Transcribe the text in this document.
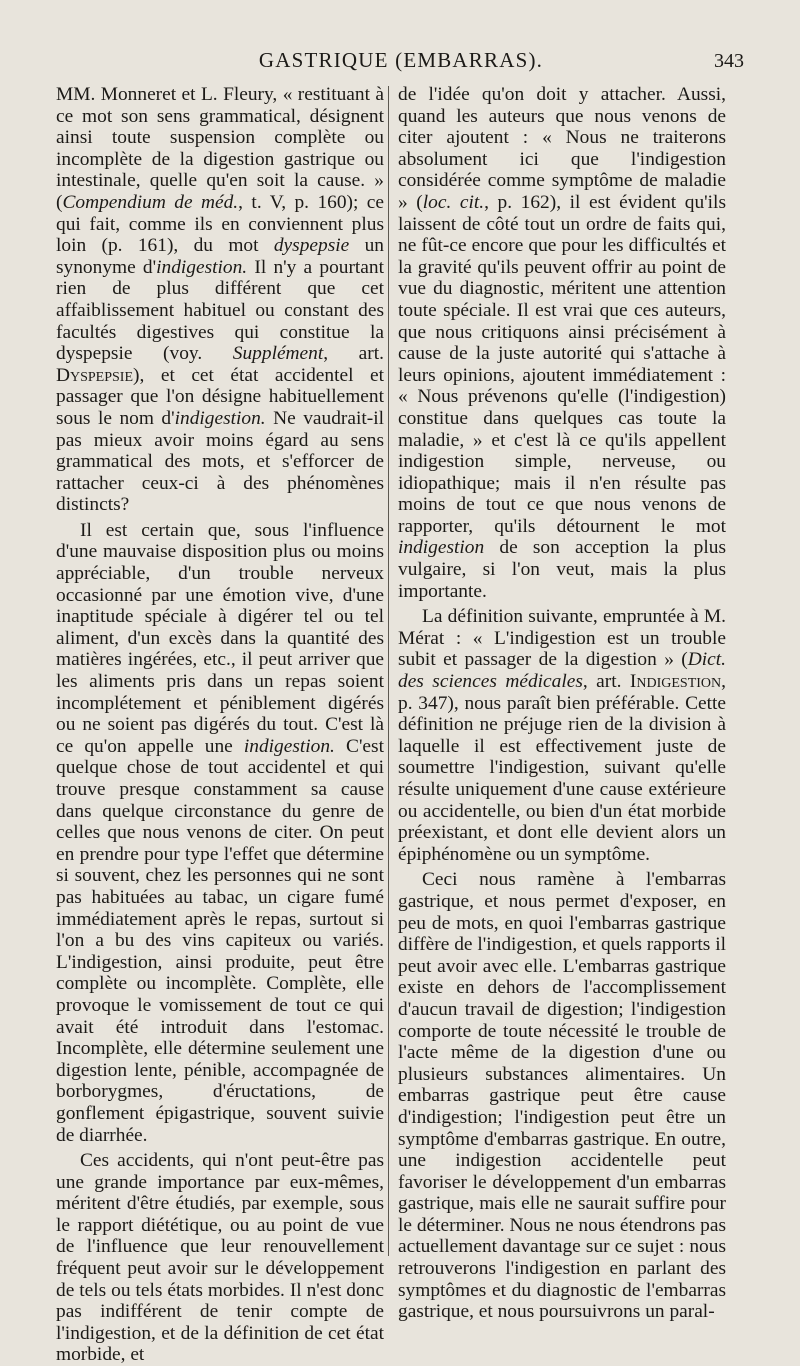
GASTRIQUE (EMBARRAS).	343

MM. Monneret et L. Fleury, « restituant à ce mot son sens grammatical, désignent ainsi toute suspension complète ou incomplète de la digestion gastrique ou intestinale, quelle qu'en soit la cause. » (Compendium de méd., t. V, p. 160); ce qui fait, comme ils en conviennent plus loin (p. 161), du mot dyspepsie un synonyme d'indigestion. Il n'y a pourtant rien de plus différent que cet affaiblissement habituel ou constant des facultés digestives qui constitue la dyspepsie (voy. Supplément, art. Dyspepsie), et cet état accidentel et passager que l'on désigne habituellement sous le nom d'indigestion. Ne vaudrait-il pas mieux avoir moins égard au sens grammatical des mots, et s'efforcer de rattacher ceux-ci à des phénomènes distincts?

Il est certain que, sous l'influence d'une mauvaise disposition plus ou moins appréciable, d'un trouble nerveux occasionné par une émotion vive, d'une inaptitude spéciale à digérer tel ou tel aliment, d'un excès dans la quantité des matières ingérées, etc., il peut arriver que les aliments pris dans un repas soient incomplétement et péniblement digérés ou ne soient pas digérés du tout. C'est là ce qu'on appelle une indigestion. C'est quelque chose de tout accidentel et qui trouve presque constamment sa cause dans quelque circonstance du genre de celles que nous venons de citer. On peut en prendre pour type l'effet que détermine si souvent, chez les personnes qui ne sont pas habituées au tabac, un cigare fumé immédiatement après le repas, surtout si l'on a bu des vins capiteux ou variés. L'indigestion, ainsi produite, peut être complète ou incomplète. Complète, elle provoque le vomissement de tout ce qui avait été introduit dans l'estomac. Incomplète, elle détermine seulement une digestion lente, pénible, accompagnée de borborygmes, d'éructations, de gonflement épigastrique, souvent suivie de diarrhée.

Ces accidents, qui n'ont peut-être pas une grande importance par eux-mêmes, méritent d'être étudiés, par exemple, sous le rapport diététique, ou au point de vue de l'influence que leur renouvellement fréquent peut avoir sur le développement de tels ou tels états morbides. Il n'est donc pas indifférent de tenir compte de l'indigestion, et de la définition de cet état morbide, et

de l'idée qu'on doit y attacher. Aussi, quand les auteurs que nous venons de citer ajoutent : « Nous ne traiterons absolument ici que l'indigestion considérée comme symptôme de maladie » (loc. cit., p. 162), il est évident qu'ils laissent de côté tout un ordre de faits qui, ne fût-ce encore que pour les difficultés et la gravité qu'ils peuvent offrir au point de vue du diagnostic, méritent une attention toute spéciale. Il est vrai que ces auteurs, que nous critiquons ainsi précisément à cause de la juste autorité qui s'attache à leurs opinions, ajoutent immédiatement : « Nous prévenons qu'elle (l'indigestion) constitue dans quelques cas toute la maladie, » et c'est là ce qu'ils appellent indigestion simple, nerveuse, ou idiopathique; mais il n'en résulte pas moins de tout ce que nous venons de rapporter, qu'ils détournent le mot indigestion de son acception la plus vulgaire, si l'on veut, mais la plus importante.

La définition suivante, empruntée à M. Mérat : « L'indigestion est un trouble subit et passager de la digestion » (Dict. des sciences médicales, art. Indigestion, p. 347), nous paraît bien préférable. Cette définition ne préjuge rien de la division à laquelle il est effectivement juste de soumettre l'indigestion, suivant qu'elle résulte uniquement d'une cause extérieure ou accidentelle, ou bien d'un état morbide préexistant, et dont elle devient alors un épiphénomène ou un symptôme.

Ceci nous ramène à l'embarras gastrique, et nous permet d'exposer, en peu de mots, en quoi l'embarras gastrique diffère de l'indigestion, et quels rapports il peut avoir avec elle. L'embarras gastrique existe en dehors de l'accomplissement d'aucun travail de digestion; l'indigestion comporte de toute nécessité le trouble de l'acte même de la digestion d'une ou plusieurs substances alimentaires. Un embarras gastrique peut être cause d'indigestion; l'indigestion peut être un symptôme d'embarras gastrique. En outre, une indigestion accidentelle peut favoriser le développement d'un embarras gastrique, mais elle ne saurait suffire pour le déterminer. Nous ne nous étendrons pas actuellement davantage sur ce sujet : nous retrouverons l'indigestion en parlant des symptômes et du diagnostic de l'embarras gastrique, et nous poursuivrons un paral-
